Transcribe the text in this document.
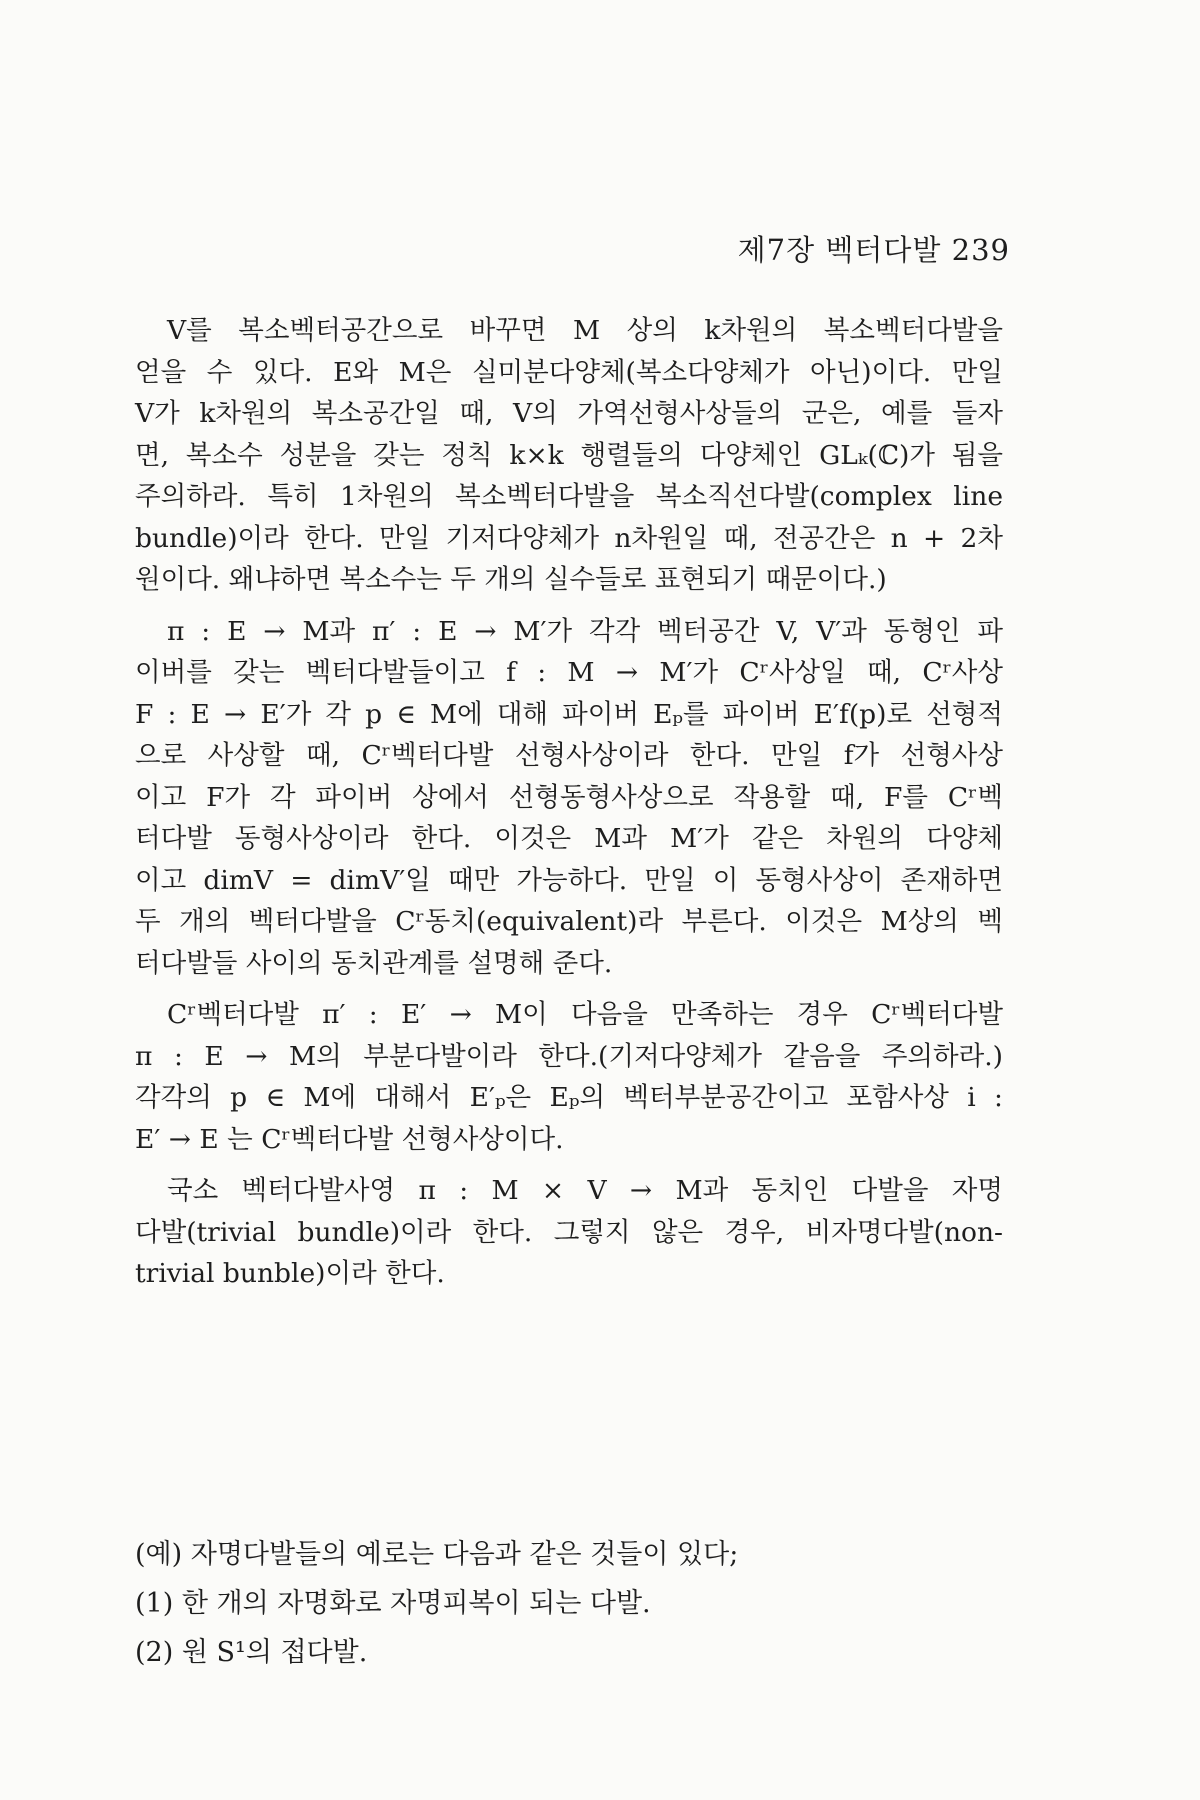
제7장 벡터다발 239
V를 복소벡터공간으로 바꾸면 M 상의 k차원의 복소벡터다발을
얻을 수 있다. E와 M은 실미분다양체(복소다양체가 아닌)이다. 만일
V가 k차원의 복소공간일 때, V의 가역선형사상들의 군은, 예를 들자
면, 복소수 성분을 갖는 정칙 k×k 행렬들의 다양체인 GLₖ(ℂ)가 됨을
주의하라. 특히 1차원의 복소벡터다발을 복소직선다발(complex line
bundle)이라 한다. 만일 기저다양체가 n차원일 때, 전공간은 n + 2차
원이다. 왜냐하면 복소수는 두 개의 실수들로 표현되기 때문이다.)
π : E → M과 π′ : E → M′가 각각 벡터공간 V, V′과 동형인 파
이버를 갖는 벡터다발들이고 f : M → M′가 Cʳ사상일 때, Cʳ사상
F : E → E′가 각 p ∈ M에 대해 파이버 Eₚ를 파이버 E′f(p)로 선형적
으로 사상할 때, Cʳ벡터다발 선형사상이라 한다. 만일 f가 선형사상
이고 F가 각 파이버 상에서 선형동형사상으로 작용할 때, F를 Cʳ벡
터다발 동형사상이라 한다. 이것은 M과 M′가 같은 차원의 다양체
이고 dimV = dimV′일 때만 가능하다. 만일 이 동형사상이 존재하면
두 개의 벡터다발을 Cʳ동치(equivalent)라 부른다. 이것은 M상의 벡
터다발들 사이의 동치관계를 설명해 준다.
Cʳ벡터다발 π′ : E′ → M이 다음을 만족하는 경우 Cʳ벡터다발
π : E → M의 부분다발이라 한다.(기저다양체가 같음을 주의하라.)
각각의 p ∈ M에 대해서 E′ₚ은 Eₚ의 벡터부분공간이고 포함사상 i :
E′ → E 는 Cʳ벡터다발 선형사상이다.
국소 벡터다발사영 π : M × V → M과 동치인 다발을 자명
다발(trivial bundle)이라 한다. 그렇지 않은 경우, 비자명다발(non-
trivial bunble)이라 한다.
(예) 자명다발들의 예로는 다음과 같은 것들이 있다;
(1) 한 개의 자명화로 자명피복이 되는 다발.
(2) 원 S¹의 접다발.
